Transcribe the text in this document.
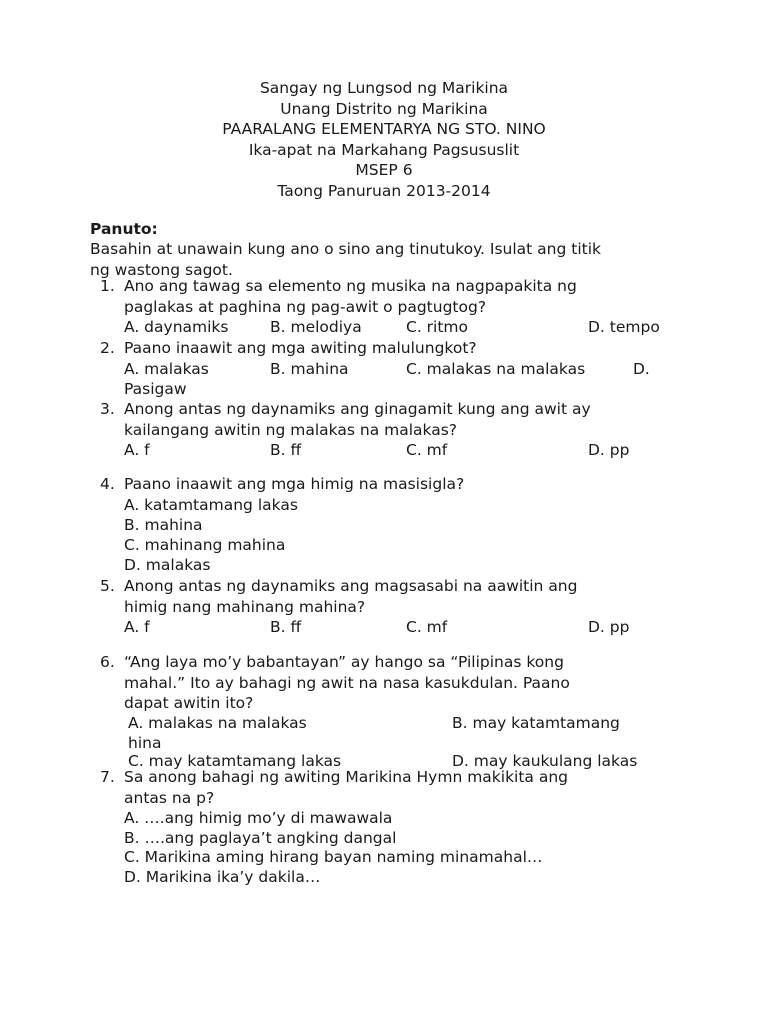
Sangay ng Lungsod ng Marikina
Unang Distrito ng Marikina
PAARALANG ELEMENTARYA NG STO. NINO
Ika-apat na Markahang Pagsususlit
MSEP 6
Taong Panuruan 2013-2014
Panuto:
Basahin at unawain kung ano o sino ang tinutukoy. Isulat ang titik
ng wastong sagot.
1. Ano ang tawag sa elemento ng musika na nagpapakita ng
paglakas at paghina ng pag-awit o pagtugtog?
A. daynamiks	B. melodiya	C. ritmo	D. tempo
2. Paano inaawit ang mga awiting malulungkot?
A. malakas	B. mahina	C. malakas na malakas	D.
Pasigaw
3. Anong antas ng daynamiks ang ginagamit kung ang awit ay
kailangang awitin ng malakas na malakas?
A. f	B. ff	C. mf	D. pp
4. Paano inaawit ang mga himig na masisigla?
A. katamtamang lakas
B. mahina
C. mahinang mahina
D. malakas
5. Anong antas ng daynamiks ang magsasabi na aawitin ang
himig nang mahinang mahina?
A. f	B. ff	C. mf	D. pp
6. “Ang laya mo’y babantayan” ay hango sa “Pilipinas kong
mahal.” Ito ay bahagi ng awit na nasa kasukdulan. Paano
dapat awitin ito?
A. malakas na malakas	B. may katamtamang
hina
C. may katamtamang lakas	D. may kaukulang lakas
7. Sa anong bahagi ng awiting Marikina Hymn makikita ang
antas na p?
A. ….ang himig mo’y di mawawala
B. ….ang paglaya’t angking dangal
C. Marikina aming hirang bayan naming minamahal…
D. Marikina ika’y dakila…
